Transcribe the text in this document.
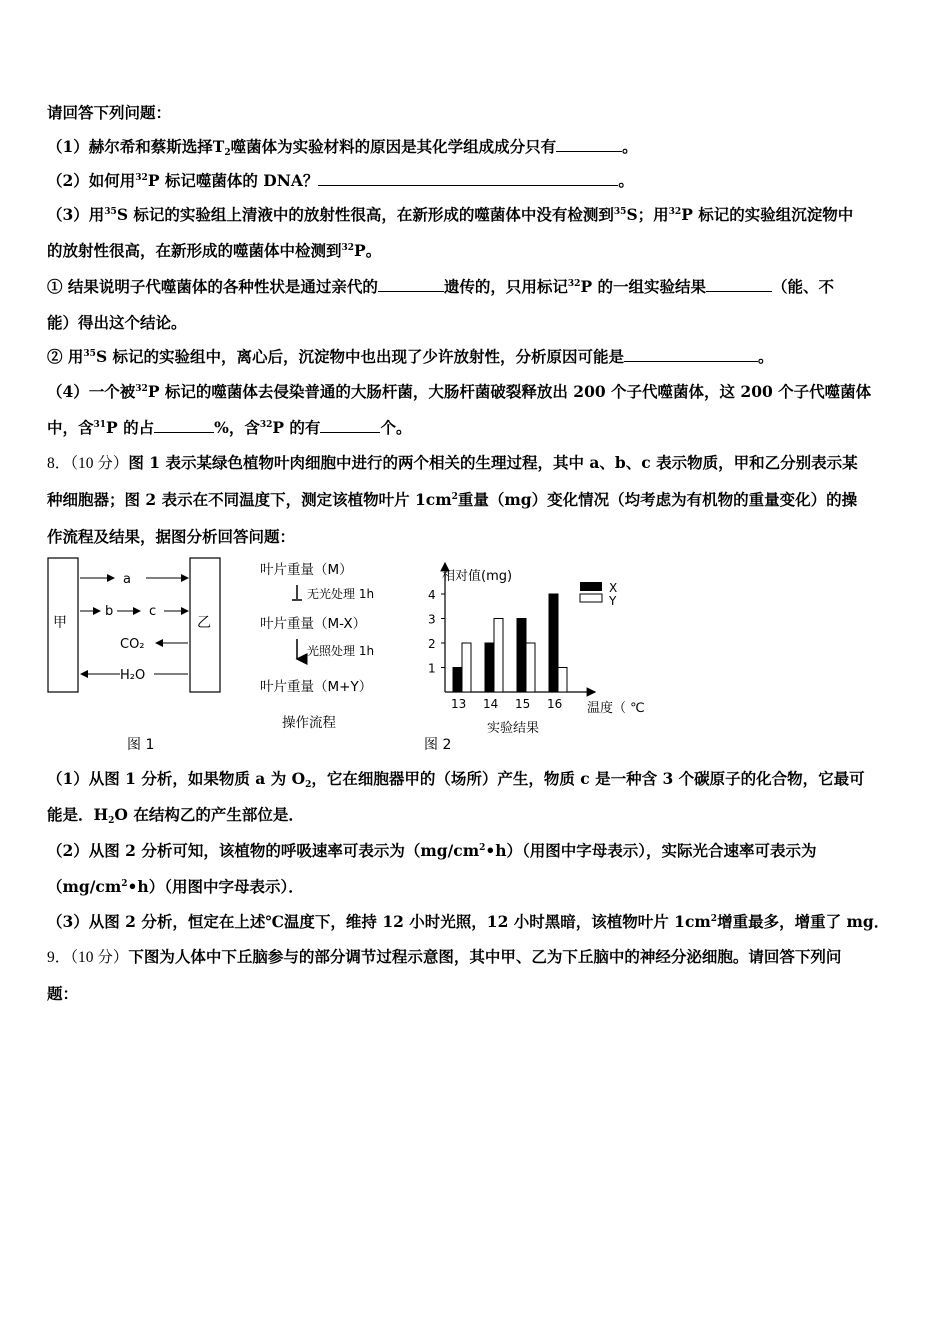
请回答下列问题：
（1）赫尔希和蔡斯选择$T_2$噬菌体为实验材料的原因是其化学组成成分只有	。
（2）如何用$^{32}$P 标记噬菌体的 DNA？	。
（3）用$^{35}$S 标记的实验组上清液中的放射性很高，在新形成的噬菌体中没有检测到$^{35}$S；用$^{32}$P 标记的实验组沉淀物中
的放射性很高，在新形成的噬菌体中检测到$^{32}$P。
① 结果说明子代噬菌体的各种性状是通过亲代的	遗传的，只用标记$^{32}$P 的一组实验结果	（能、不
能）得出这个结论。
② 用$^{35}$S 标记的实验组中，离心后，沉淀物中也出现了少许放射性，分析原因可能是	。
（4）一个被$^{32}$P 标记的噬菌体去侵染普通的大肠杆菌，大肠杆菌破裂释放出 200 个子代噬菌体，这 200 个子代噬菌体
中，含$^{31}$P 的占	%，含$^{32}$P 的有	个。
8．（10 分）图 1 表示某绿色植物叶肉细胞中进行的两个相关的生理过程，其中 a、b、c 表示物质，甲和乙分别表示某
种细胞器；图 2 表示在不同温度下，测定该植物叶片 $1cm^2$重量（mg）变化情况（均考虑为有机物的重量变化）的操
作流程及结果，据图分析回答问题：
甲	乙
a
b	c
CO₂
H₂O
图 1
叶片重量（M）
无光处理 1h
叶片重量（M-X）
光照处理 1h
叶片重量（M+Y）
操作流程
相对值(mg)
温度（ ℃
实验结果
1
2
3
4
13 14 15 16
X
Y
图 2
（1）从图 1 分析，如果物质 a 为 $O_2$，它在细胞器甲的（场所）产生，物质 c 是一种含 3 个碳原子的化合物，它最可
能是．$H_2O$ 在结构乙的产生部位是．
（2）从图 2 分析可知，该植物的呼吸速率可表示为$(mg/cm^2•h)$（用图中字母表示），实际光合速率可表示为
$(mg/cm^2•h)$（用图中字母表示）．
（3）从图 2 分析，恒定在上述℃温度下，维持 12 小时光照，12 小时黑暗，该植物叶片 $1cm^2$增重最多，增重了 mg．
9．（10 分）下图为人体中下丘脑参与的部分调节过程示意图，其中甲、乙为下丘脑中的神经分泌细胞。请回答下列问
题：
